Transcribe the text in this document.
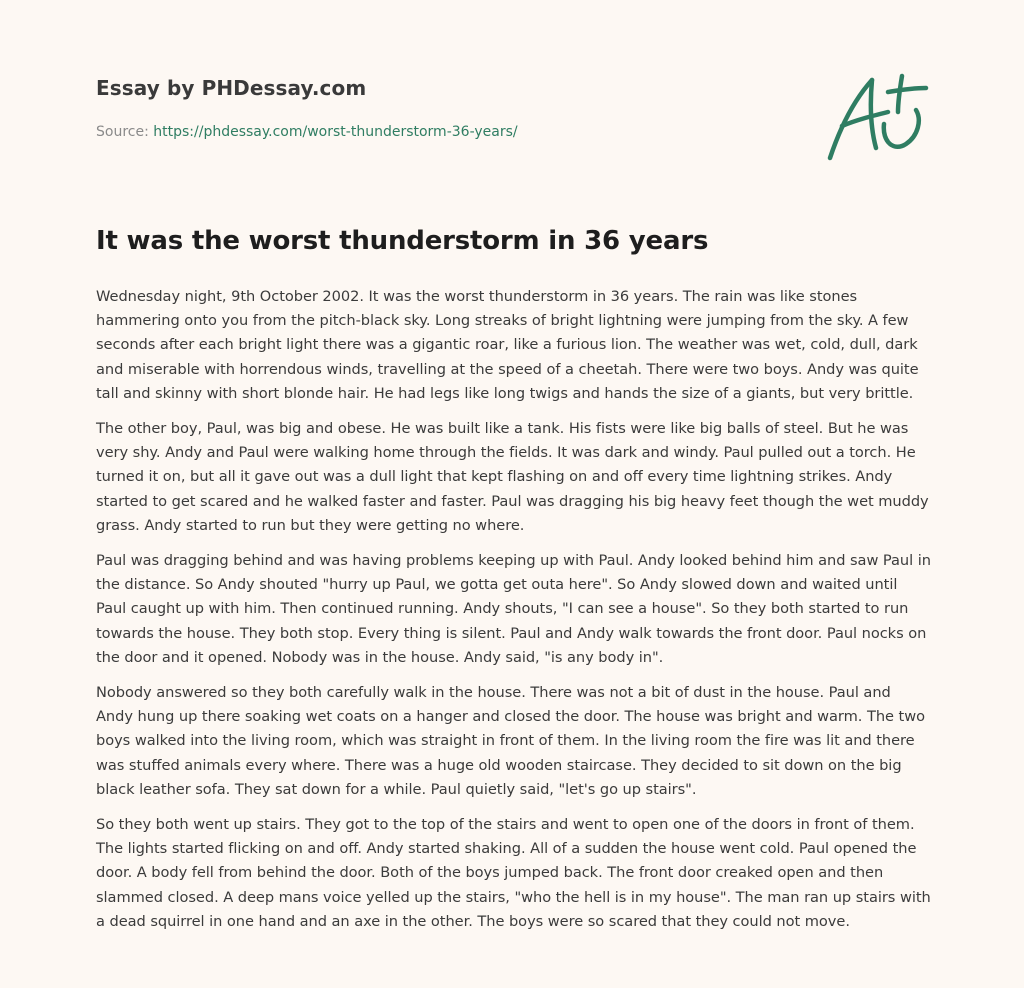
Essay by PHDessay.com
Source: https://phdessay.com/worst-thunderstorm-36-years/
It was the worst thunderstorm in 36 years

Wednesday night, 9th October 2002. It was the worst thunderstorm in 36 years. The rain was like stones hammering onto you from the pitch-black sky. Long streaks of bright lightning were jumping from the sky. A few seconds after each bright light there was a gigantic roar, like a furious lion. The weather was wet, cold, dull, dark and miserable with horrendous winds, travelling at the speed of a cheetah. There were two boys. Andy was quite tall and skinny with short blonde hair. He had legs like long twigs and hands the size of a giants, but very brittle.

The other boy, Paul, was big and obese. He was built like a tank. His fists were like big balls of steel. But he was very shy. Andy and Paul were walking home through the fields. It was dark and windy. Paul pulled out a torch. He turned it on, but all it gave out was a dull light that kept flashing on and off every time lightning strikes. Andy started to get scared and he walked faster and faster. Paul was dragging his big heavy feet though the wet muddy grass. Andy started to run but they were getting no where.

Paul was dragging behind and was having problems keeping up with Paul. Andy looked behind him and saw Paul in the distance. So Andy shouted "hurry up Paul, we gotta get outa here". So Andy slowed down and waited until Paul caught up with him. Then continued running. Andy shouts, "I can see a house". So they both started to run towards the house. They both stop. Every thing is silent. Paul and Andy walk towards the front door. Paul nocks on the door and it opened. Nobody was in the house. Andy said, "is any body in".

Nobody answered so they both carefully walk in the house. There was not a bit of dust in the house. Paul and Andy hung up there soaking wet coats on a hanger and closed the door. The house was bright and warm. The two boys walked into the living room, which was straight in front of them. In the living room the fire was lit and there was stuffed animals every where. There was a huge old wooden staircase. They decided to sit down on the big black leather sofa. They sat down for a while. Paul quietly said, "let's go up stairs".

So they both went up stairs. They got to the top of the stairs and went to open one of the doors in front of them. The lights started flicking on and off. Andy started shaking. All of a sudden the house went cold. Paul opened the door. A body fell from behind the door. Both of the boys jumped back. The front door creaked open and then slammed closed. A deep mans voice yelled up the stairs, "who the hell is in my house". The man ran up stairs with a dead squirrel in one hand and an axe in the other. The boys were so scared that they could not move.
